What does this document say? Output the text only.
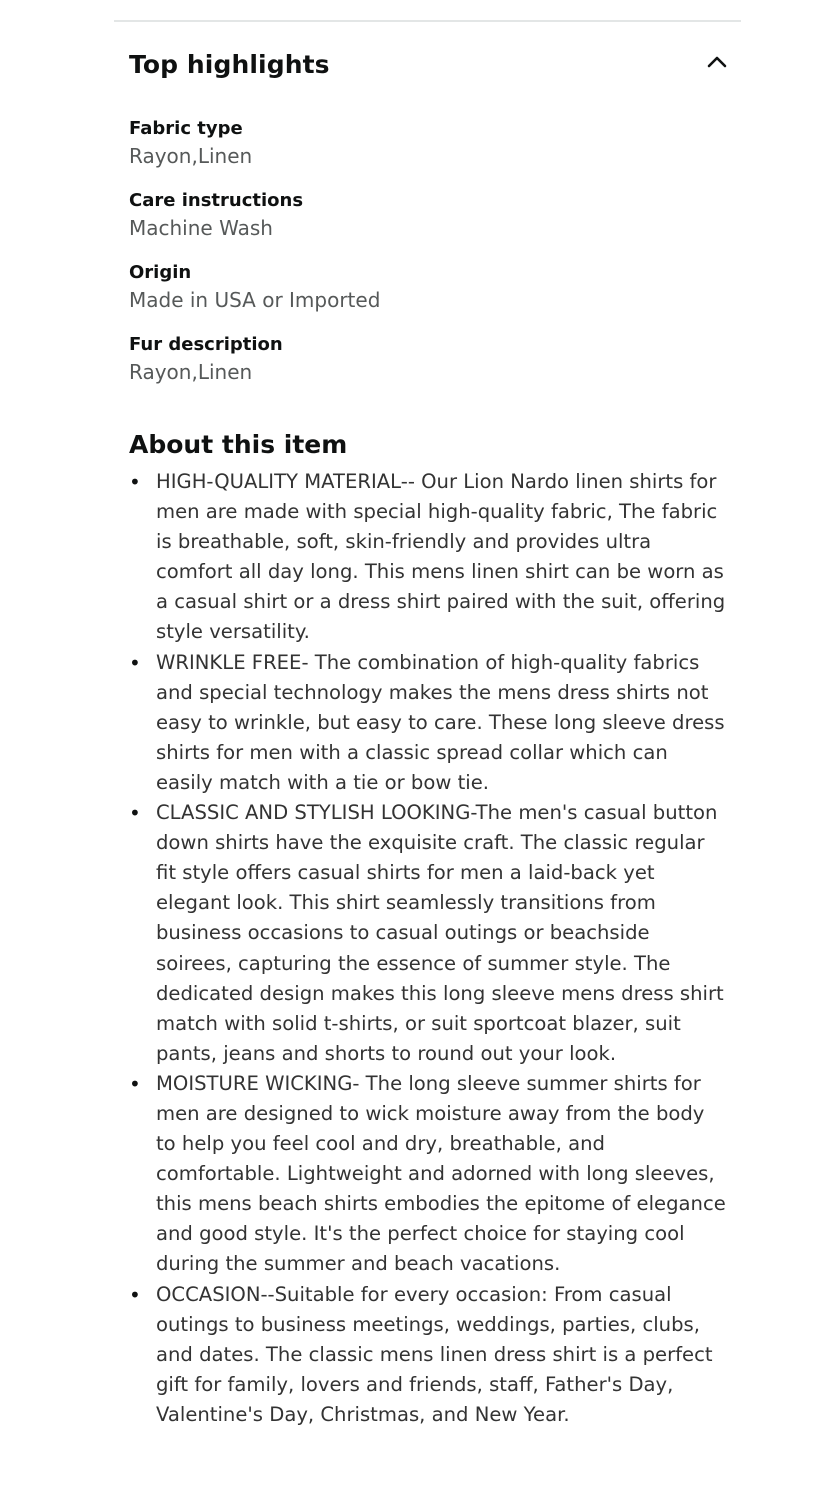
Top highlights
Fabric type
Rayon,Linen
Care instructions
Machine Wash
Origin
Made in USA or Imported
Fur description
Rayon,Linen
About this item
• HIGH-QUALITY MATERIAL-- Our Lion Nardo linen shirts for men are made with special high-quality fabric, The fabric is breathable, soft, skin-friendly and provides ultra comfort all day long. This mens linen shirt can be worn as a casual shirt or a dress shirt paired with the suit, offering style versatility.
• WRINKLE FREE- The combination of high-quality fabrics and special technology makes the mens dress shirts not easy to wrinkle, but easy to care. These long sleeve dress shirts for men with a classic spread collar which can easily match with a tie or bow tie.
• CLASSIC AND STYLISH LOOKING-The men's casual button down shirts have the exquisite craft. The classic regular fit style offers casual shirts for men a laid-back yet elegant look. This shirt seamlessly transitions from business occasions to casual outings or beachside soirees, capturing the essence of summer style. The dedicated design makes this long sleeve mens dress shirt match with solid t-shirts, or suit sportcoat blazer, suit pants, jeans and shorts to round out your look.
• MOISTURE WICKING- The long sleeve summer shirts for men are designed to wick moisture away from the body to help you feel cool and dry, breathable, and comfortable. Lightweight and adorned with long sleeves, this mens beach shirts embodies the epitome of elegance and good style. It's the perfect choice for staying cool during the summer and beach vacations.
• OCCASION--Suitable for every occasion: From casual outings to business meetings, weddings, parties, clubs, and dates. The classic mens linen dress shirt is a perfect gift for family, lovers and friends, staff, Father's Day, Valentine's Day, Christmas, and New Year.
